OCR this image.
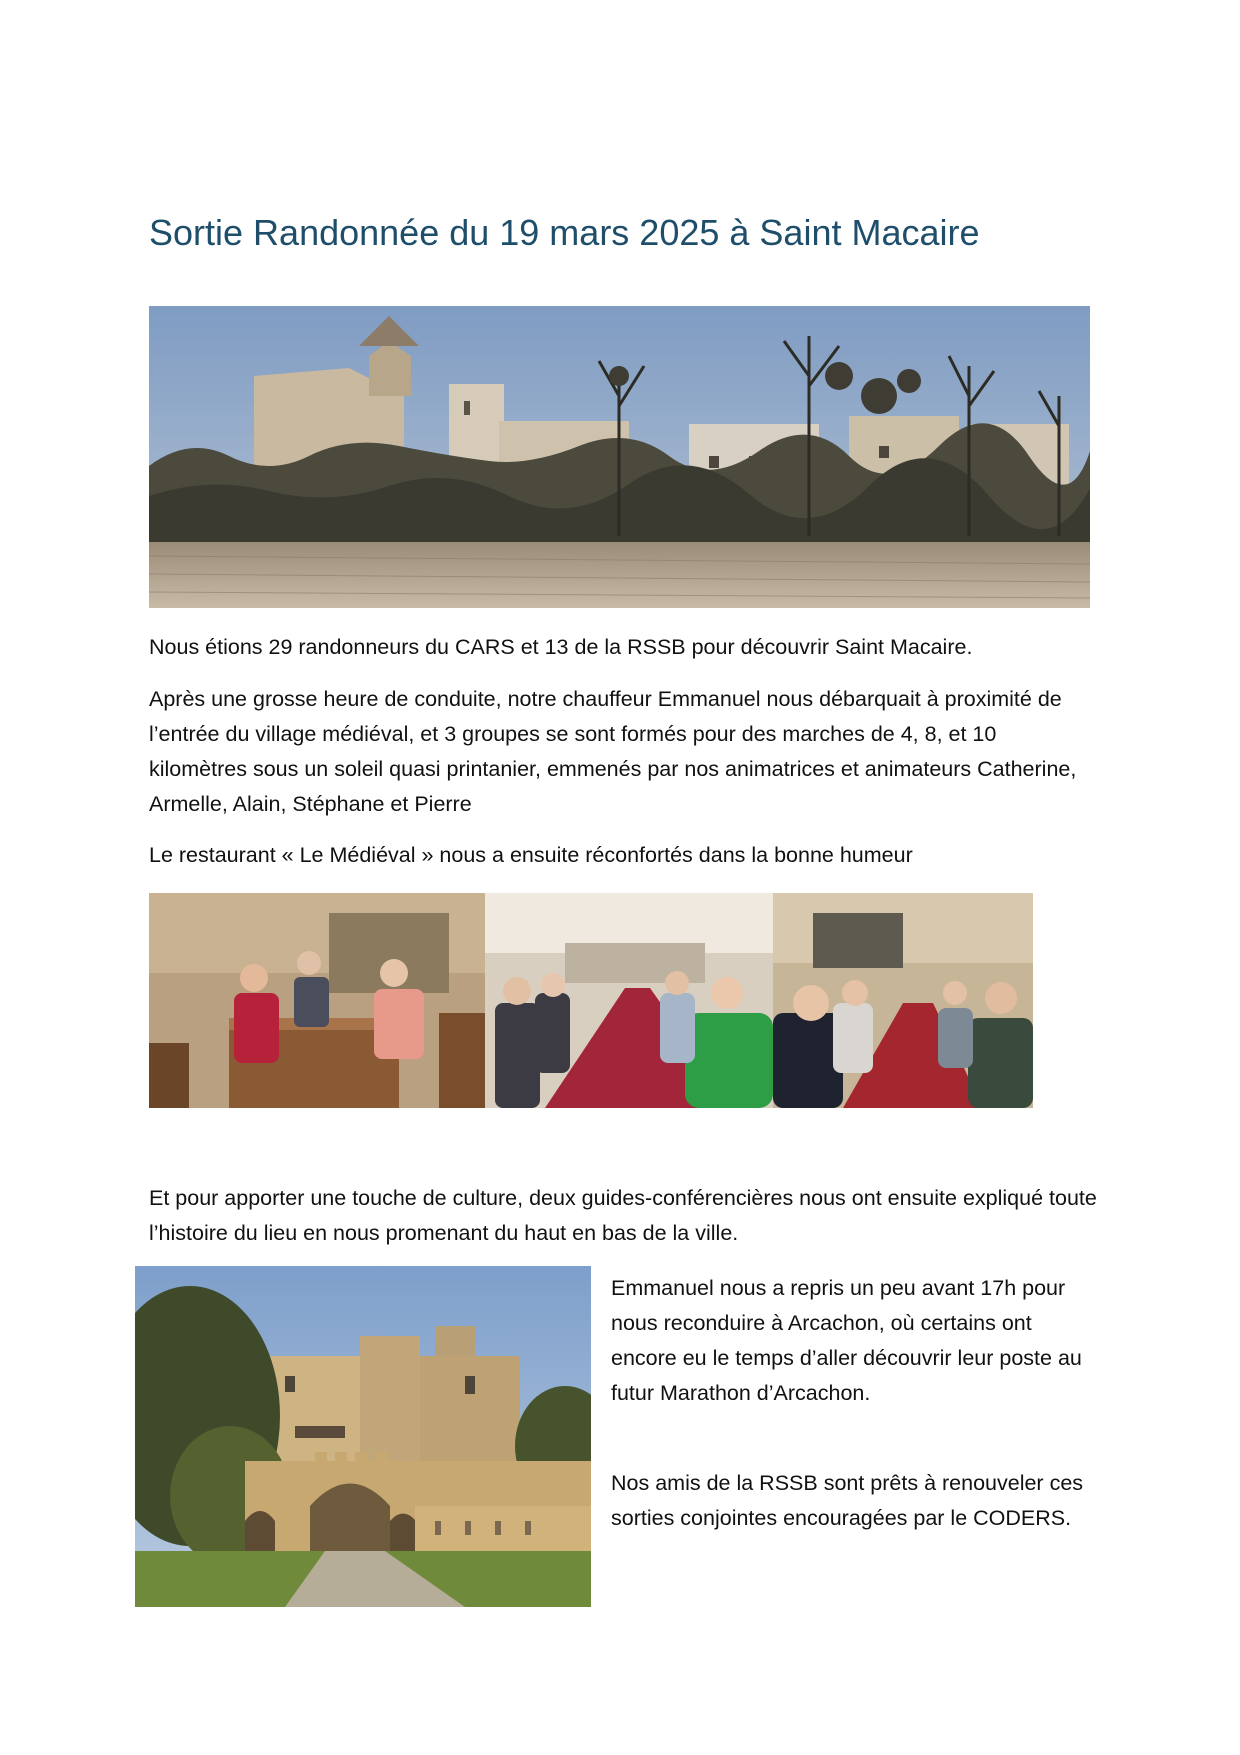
Sortie Randonnée du 19 mars 2025 à Saint Macaire

Nous étions 29 randonneurs du CARS et 13 de la RSSB pour découvrir Saint Macaire.

Après une grosse heure de conduite, notre chauffeur Emmanuel nous débarquait à proximité de l’entrée du village médiéval, et 3 groupes se sont formés pour des marches de 4, 8, et 10 kilomètres sous un soleil quasi printanier, emmenés par nos animatrices et animateurs Catherine, Armelle, Alain, Stéphane et Pierre

Le restaurant « Le Médiéval » nous a ensuite réconfortés dans la bonne humeur

Et pour apporter une touche de culture, deux guides-conférencières nous ont ensuite expliqué toute l’histoire du lieu en nous promenant du haut en bas de la ville.

Emmanuel nous a repris un peu avant 17h pour nous reconduire à Arcachon, où certains ont encore eu le temps d’aller découvrir leur poste au futur Marathon d’Arcachon.

Nos amis de la RSSB sont prêts à renouveler ces sorties conjointes encouragées par le CODERS.
